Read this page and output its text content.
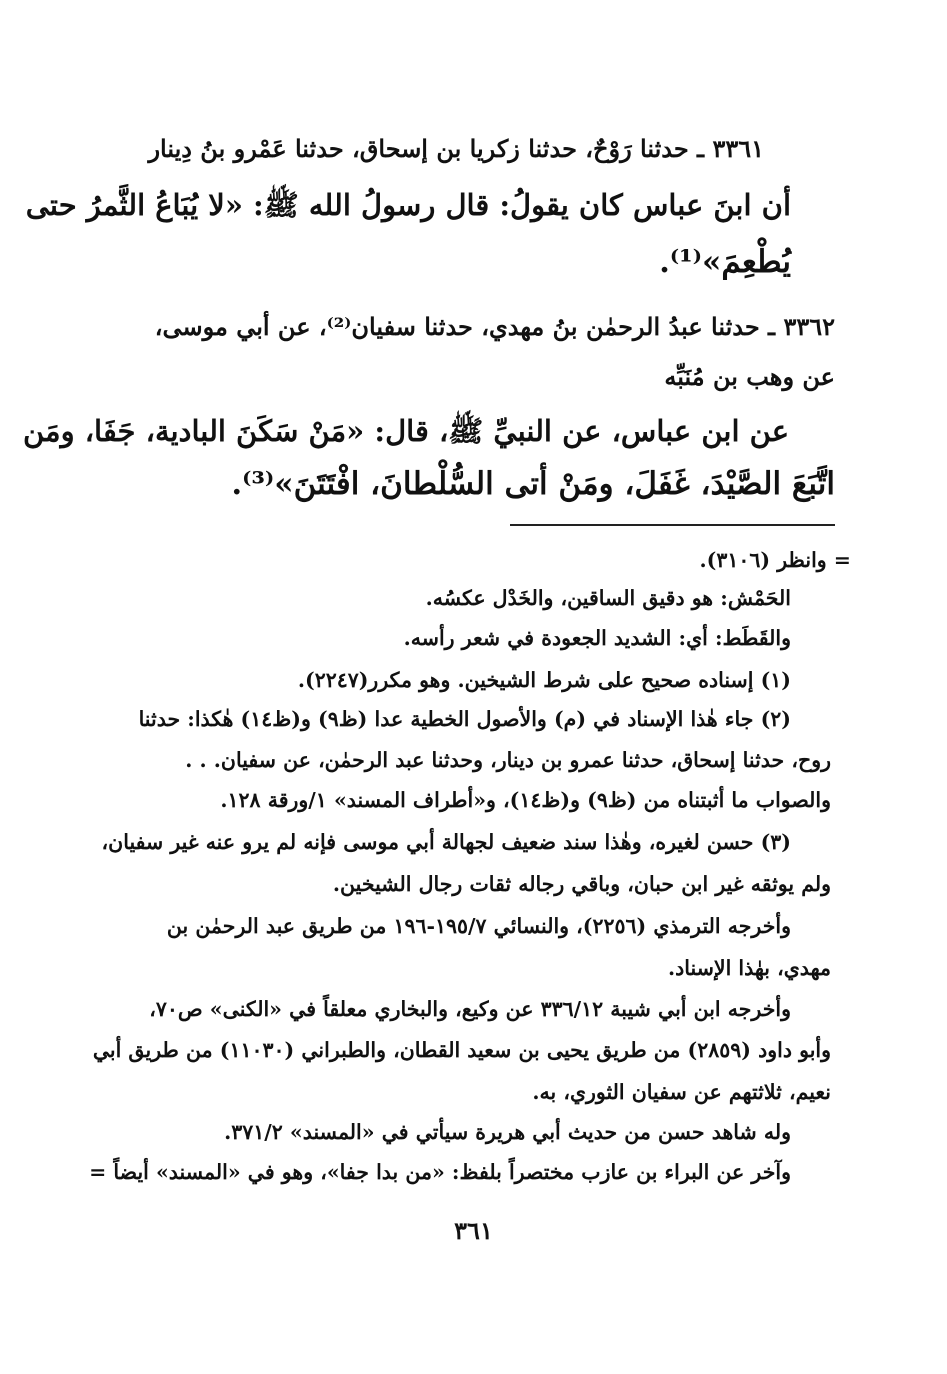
٣٣٦١ ـ حدثنا رَوْحٌ، حدثنا زكريا بن إسحاق، حدثنا عَمْرو بنُ دِينار
أن ابنَ عباس كان يقولُ: قال رسولُ الله ﷺ: «لا يُبَاعُ الثَّمرُ حتى
يُطْعِمَ»⁽¹⁾.
٣٣٦٢ ـ حدثنا عبدُ الرحمٰن بنُ مهدي، حدثنا سفيان⁽²⁾، عن أبي موسى،
عن وهب بن مُنَبِّه
عن ابن عباس، عن النبيِّ ﷺ، قال: «مَنْ سَكَنَ البادية، جَفَا، ومَن
اتَّبَعَ الصَّيْدَ، غَفَلَ، ومَنْ أتى السُّلْطانَ، افْتَتَنَ»⁽³⁾.
= وانظر (٣١٠٦).
الحَمْش: هو دقيق الساقين، والخَدْل عكسُه.
والقَطَط: أي: الشديد الجعودة في شعر رأسه.
(١) إسناده صحيح على شرط الشيخين. وهو مكرر(٢٢٤٧).
(٢) جاء هٰذا الإسناد في (م) والأصول الخطية عدا (ظ٩) و(ظ١٤) هٰكذا: حدثنا
روح، حدثنا إسحاق، حدثنا عمرو بن دينار، وحدثنا عبد الرحمٰن، عن سفيان. . .
والصواب ما أثبتناه من (ظ٩) و(ظ١٤)، و«أطراف المسند» ١/ورقة ١٢٨.
(٣) حسن لغيره، وهٰذا سند ضعيف لجهالة أبي موسى فإنه لم يرو عنه غير سفيان،
ولم يوثقه غير ابن حبان، وباقي رجاله ثقات رجال الشيخين.
وأخرجه الترمذي (٢٢٥٦)، والنسائي ١٩٥/٧-١٩٦ من طريق عبد الرحمٰن بن
مهدي، بهٰذا الإسناد.
وأخرجه ابن أبي شيبة ٣٣٦/١٢ عن وكيع، والبخاري معلقاً في «الكنى» ص٧٠،
وأبو داود (٢٨٥٩) من طريق يحيى بن سعيد القطان، والطبراني (١١٠٣٠) من طريق أبي
نعيم، ثلاثتهم عن سفيان الثوري، به.
وله شاهد حسن من حديث أبي هريرة سيأتي في «المسند» ٣٧١/٢.
وآخر عن البراء بن عازب مختصراً بلفظ: «من بدا جفا»، وهو في «المسند» أيضاً =
٣٦١
